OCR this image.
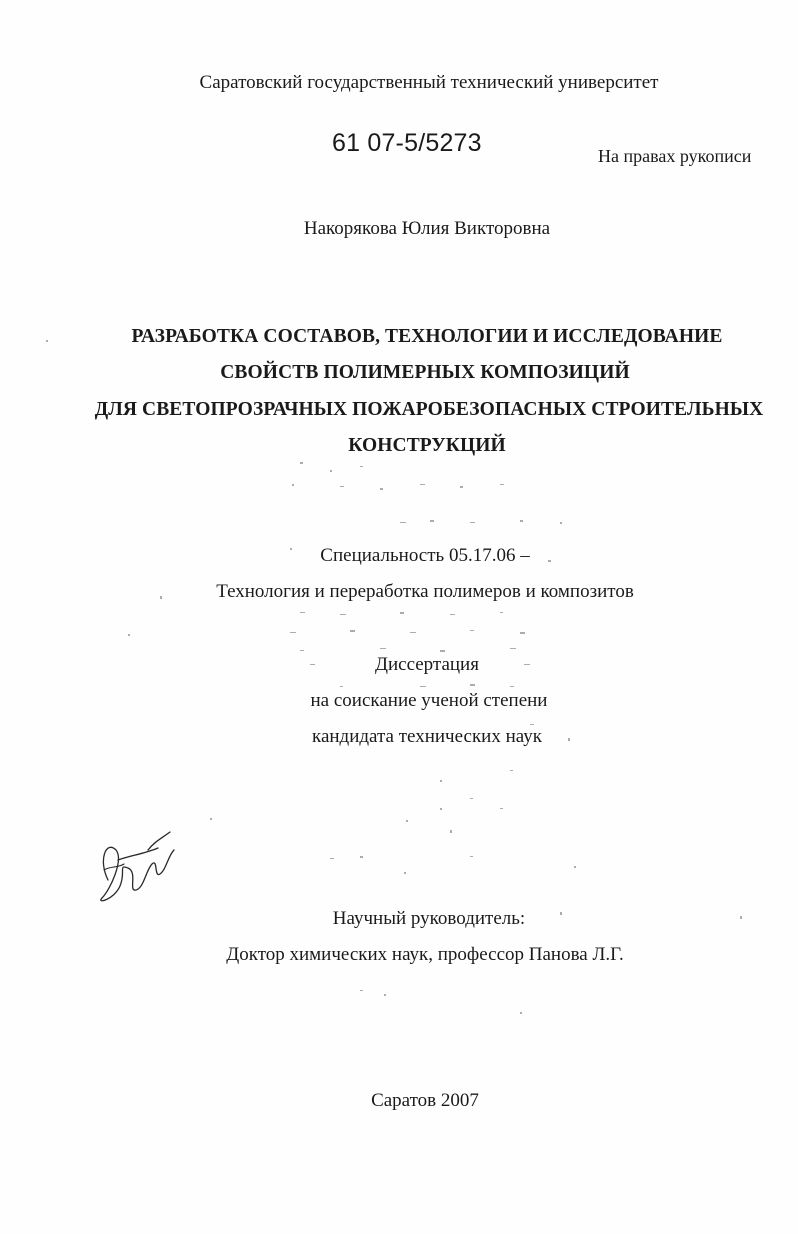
Саратовский государственный технический университет
61 07-5/5273	На правах рукописи
Накорякова Юлия Викторовна
РАЗРАБОТКА СОСТАВОВ, ТЕХНОЛОГИИ И ИССЛЕДОВАНИЕ
СВОЙСТВ ПОЛИМЕРНЫХ КОМПОЗИЦИЙ
ДЛЯ СВЕТОПРОЗРАЧНЫХ ПОЖАРОБЕЗОПАСНЫХ СТРОИТЕЛЬНЫХ
КОНСТРУКЦИЙ
Специальность 05.17.06 –
Технология и переработка полимеров и композитов
Диссертация
на соискание ученой степени
кандидата технических наук
Научный руководитель:
Доктор химических наук, профессор Панова Л.Г.
Саратов 2007
